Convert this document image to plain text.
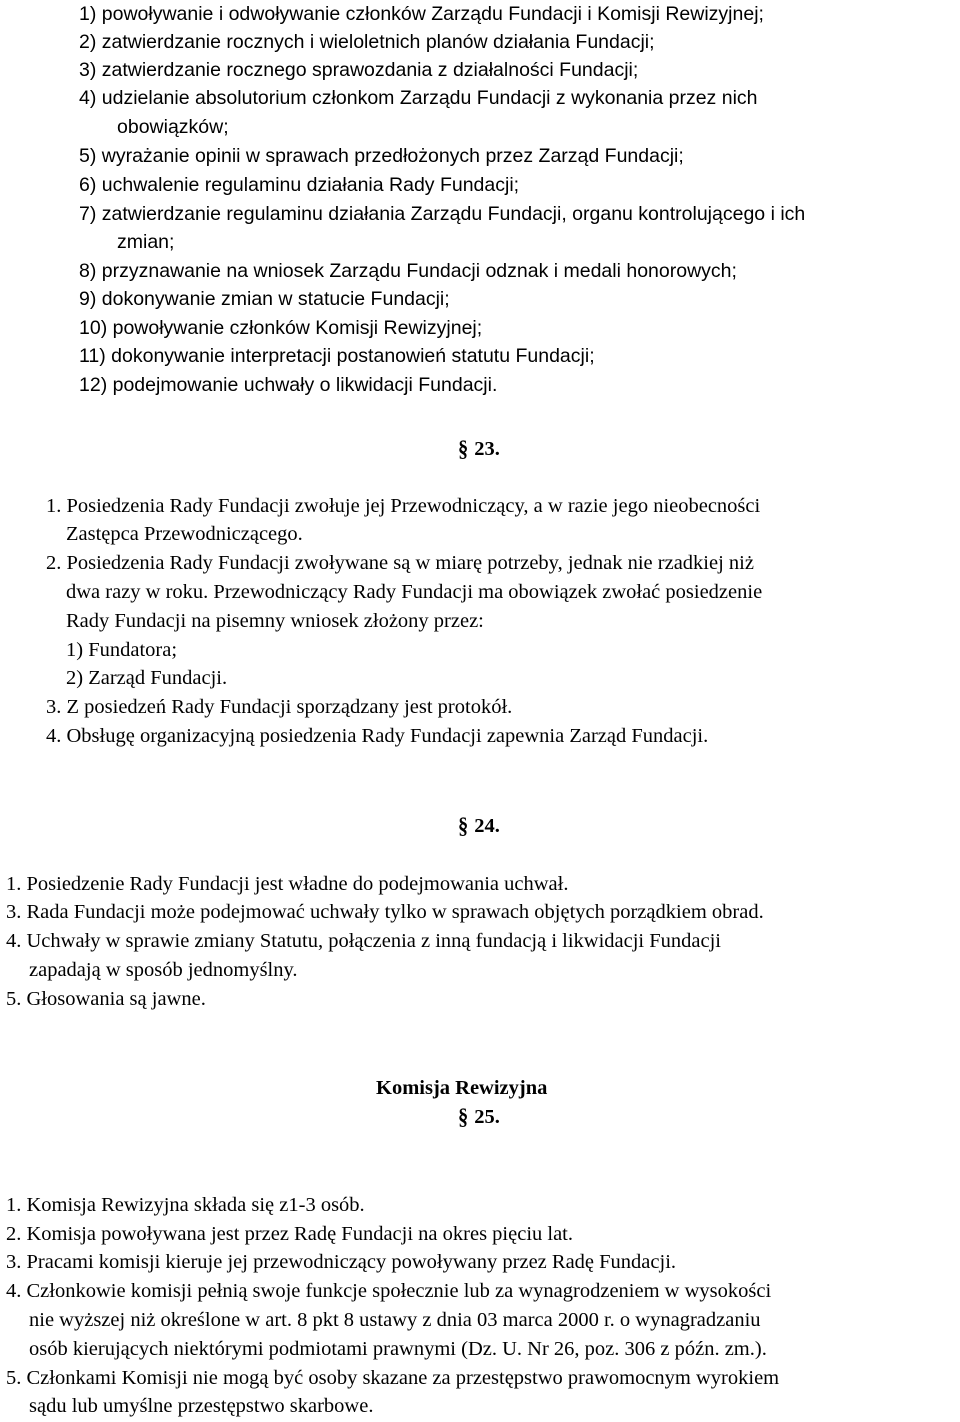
1) powoływanie i odwoływanie członków Zarządu Fundacji i Komisji Rewizyjnej;
2) zatwierdzanie rocznych i wieloletnich planów działania Fundacji;
3) zatwierdzanie rocznego sprawozdania z działalności Fundacji;
4) udzielanie absolutorium członkom Zarządu Fundacji z wykonania przez nich
obowiązków;
5) wyrażanie opinii w sprawach przedłożonych przez Zarząd Fundacji;
6) uchwalenie regulaminu działania Rady Fundacji;
7) zatwierdzanie regulaminu działania Zarządu Fundacji, organu kontrolującego i ich
zmian;
8) przyznawanie na wniosek Zarządu Fundacji odznak i medali honorowych;
9) dokonywanie zmian w statucie Fundacji;
10) powoływanie członków Komisji Rewizyjnej;
11) dokonywanie interpretacji postanowień statutu Fundacji;
12) podejmowanie uchwały o likwidacji Fundacji.
§ 23.
1. Posiedzenia Rady Fundacji zwołuje jej Przewodniczący, a w razie jego nieobecności
Zastępca Przewodniczącego.
2. Posiedzenia Rady Fundacji zwoływane są w miarę potrzeby, jednak nie rzadkiej niż
dwa razy w roku. Przewodniczący Rady Fundacji ma obowiązek zwołać posiedzenie
Rady Fundacji na pisemny wniosek złożony przez:
1) Fundatora;
2) Zarząd Fundacji.
3. Z posiedzeń Rady Fundacji sporządzany jest protokół.
4. Obsługę organizacyjną posiedzenia Rady Fundacji zapewnia Zarząd Fundacji.
§ 24.
1. Posiedzenie Rady Fundacji jest władne do podejmowania uchwał.
3. Rada Fundacji może podejmować uchwały tylko w sprawach objętych porządkiem obrad.
4. Uchwały w sprawie zmiany Statutu, połączenia z inną fundacją i likwidacji Fundacji
zapadają w sposób jednomyślny.
5. Głosowania są jawne.
Komisja Rewizyjna
§ 25.
1. Komisja Rewizyjna składa się z1-3 osób.
2. Komisja powoływana jest przez Radę Fundacji na okres pięciu lat.
3. Pracami komisji kieruje jej przewodniczący powoływany przez Radę Fundacji.
4. Członkowie komisji pełnią swoje funkcje społecznie lub za wynagrodzeniem w wysokości
nie wyższej niż określone w art. 8 pkt 8 ustawy z dnia 03 marca 2000 r. o wynagradzaniu
osób kierujących niektórymi podmiotami prawnymi (Dz. U. Nr 26, poz. 306 z późn. zm.).
5. Członkami Komisji nie mogą być osoby skazane za przestępstwo prawomocnym wyrokiem
sądu lub umyślne przestępstwo skarbowe.
